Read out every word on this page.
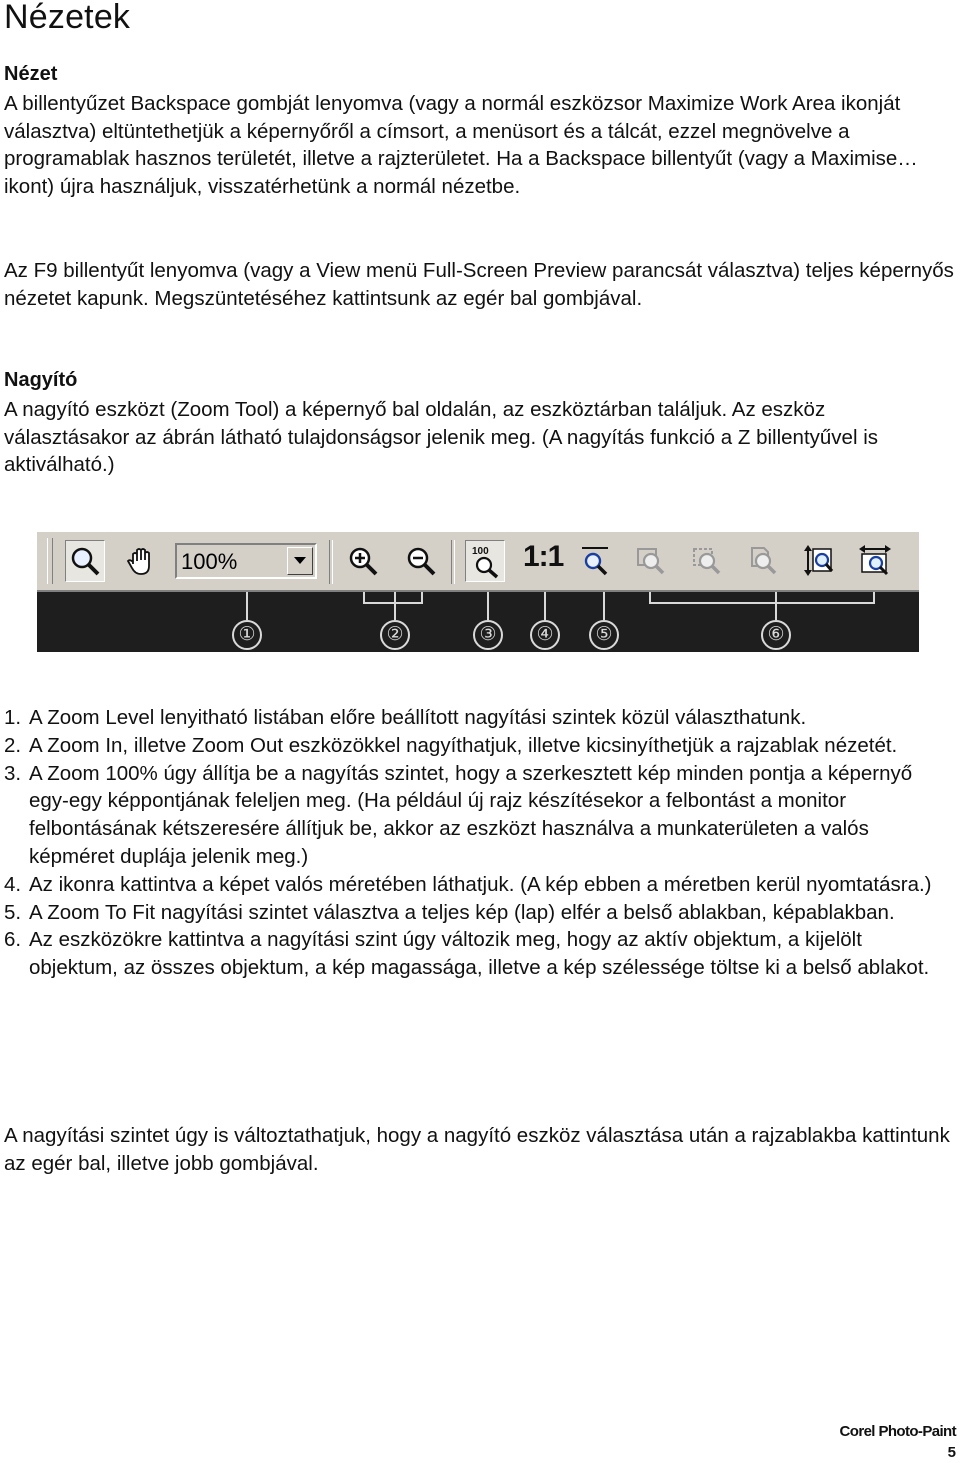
Nézetek
Nézet

A billentyűzet Backspace gombját lenyomva (vagy a normál eszközsor Maximize Work Area ikonját választva) eltüntethetjük a képernyőről a címsort, a menüsort és a tálcát, ezzel megnövelve a programablak hasznos területét, illetve a rajzterületet. Ha a Backspace billentyűt (vagy a Maximise… ikont) újra használjuk, visszatérhetünk a normál nézetbe.

Az F9 billentyűt lenyomva (vagy a View menü Full-Screen Preview parancsát választva) teljes képernyős nézetet kapunk. Megszüntetéséhez kattintsunk az egér bal gombjával.

Nagyító

A nagyító eszközt (Zoom Tool) a képernyő bal oldalán, az eszköztárban találjuk. Az eszköz választásakor az ábrán látható tulajdonságsor jelenik meg. (A nagyítás funkció a Z billentyűvel is aktiválható.)

100%	100 1:1
①	②	③	④	⑤	⑥
1. A Zoom Level lenyitható listában előre beállított nagyítási szintek közül választhatunk.
2. A Zoom In, illetve Zoom Out eszközökkel nagyíthatjuk, illetve kicsinyíthetjük a rajzablak nézetét.
3. A Zoom 100% úgy állítja be a nagyítás szintet, hogy a szerkesztett kép minden pontja a képernyő egy-egy képpontjának feleljen meg. (Ha például új rajz készítésekor a felbontást a monitor felbontásának kétszeresére állítjuk be, akkor az eszközt használva a munkaterületen a valós képméret duplája jelenik meg.)
4. Az ikonra kattintva a képet valós méretében láthatjuk. (A kép ebben a méretben kerül nyomtatásra.)
5. A Zoom To Fit nagyítási szintet választva a teljes kép (lap) elfér a belső ablakban, képablakban.
6. Az eszközökre kattintva a nagyítási szint úgy változik meg, hogy az aktív objektum, a kijelölt objektum, az összes objektum, a kép magassága, illetve a kép szélessége töltse ki a belső ablakot.

A nagyítási szintet úgy is változtathatjuk, hogy a nagyító eszköz választása után a rajzablakba kattintunk az egér bal, illetve jobb gombjával.

Corel Photo-Paint
5
